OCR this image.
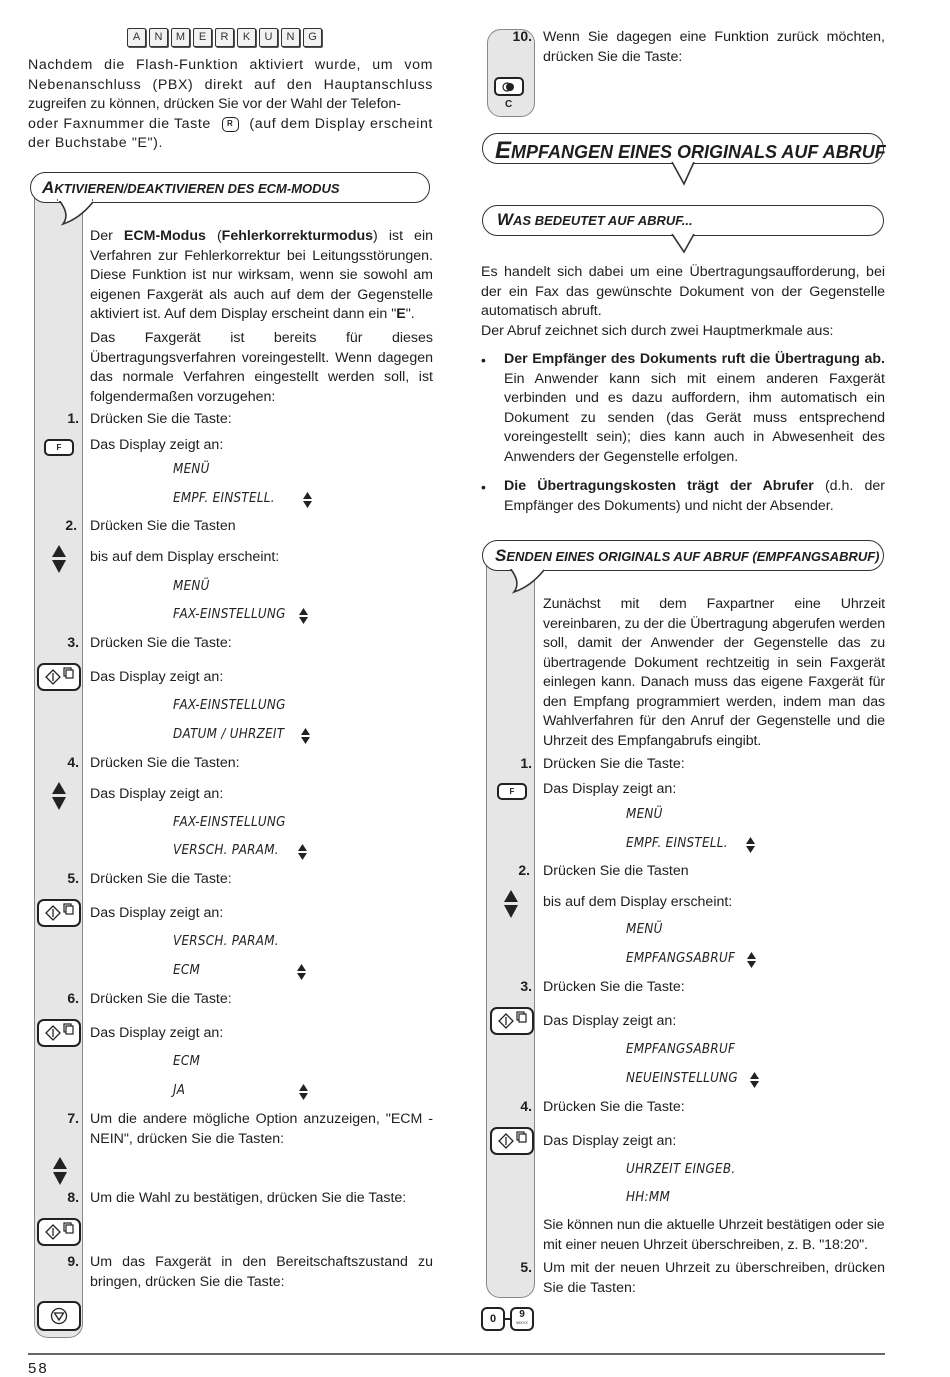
A	N	M	E	R	K	U	N	G
Nachdem die Flash-Funktion aktiviert wurde, um vom
Nebenanschluss (PBX) direkt auf den Hauptanschluss
zugreifen zu können, drücken Sie vor der Wahl der Telefon-
oder Faxnummer die Taste	R	(auf dem Display erscheint
der Buchstabe "E").
AKTIVIEREN/DEAKTIVIEREN DES ECM-MODUS
Der ECM-Modus (Fehlerkorrekturmodus) ist ein Verfahren zur Fehlerkorrektur bei Leitungsstörungen. Diese Funktion ist nur wirksam, wenn sie sowohl am eigenen Faxgerät als auch auf dem der Gegenstelle aktiviert ist. Auf dem Display erscheint dann ein "E".
Das Faxgerät ist bereits für dieses Übertragungsverfahren voreingestellt. Wenn dagegen das normale Verfahren eingestellt werden soll, ist folgendermaßen vorzugehen:
1. Drücken Sie die Taste:
F	Das Display zeigt an:
MENÜ
EMPF. EINSTELL.
2. Drücken Sie die Tasten
bis auf dem Display erscheint:
MENÜ
FAX-EINSTELLUNG
3. Drücken Sie die Taste:
Das Display zeigt an:
FAX-EINSTELLUNG
DATUM / UHRZEIT
4. Drücken Sie die Tasten:
Das Display zeigt an:
FAX-EINSTELLUNG
VERSCH. PARAM.
5. Drücken Sie die Taste:
Das Display zeigt an:
VERSCH. PARAM.
ECM
6. Drücken Sie die Taste:
Das Display zeigt an:
ECM
JA
7. Um die andere mögliche Option anzuzeigen, "ECM - NEIN", drücken Sie die Tasten:
8. Um die Wahl zu bestätigen, drücken Sie die Taste:
9. Um das Faxgerät in den Bereitschaftszustand zu bringen, drücken Sie die Taste:
58
10. Wenn Sie dagegen eine Funktion zurück möchten, drücken Sie die Taste:
C
EMPFANGEN EINES ORIGINALS AUF ABRUF
WAS BEDEUTET AUF ABRUF...
Es handelt sich dabei um eine Übertragungsaufforderung, bei der ein Fax das gewünschte Dokument von der Gegenstelle automatisch abruft.
Der Abruf zeichnet sich durch zwei Hauptmerkmale aus:
• Der Empfänger des Dokuments ruft die Übertragung ab. Ein Anwender kann sich mit einem anderen Faxgerät verbinden und es dazu auffordern, ihm automatisch ein Dokument zu senden (das Gerät muss entsprechend voreingestellt sein); dies kann auch in Abwesenheit des Anwenders der Gegenstelle erfolgen.
• Die Übertragungskosten trägt der Abrufer (d.h. der Empfänger des Dokuments) und nicht der Absender.
SENDEN EINES ORIGINALS AUF ABRUF (EMPFANGSABRUF)
Zunächst mit dem Faxpartner eine Uhrzeit vereinbaren, zu der die Übertragung abgerufen werden soll, damit der Anwender der Gegenstelle das zu übertragende Dokument rechtzeitig in sein Faxgerät einlegen kann. Danach muss das eigene Faxgerät für den Empfang programmiert werden, indem man das Wahlverfahren für den Anruf der Gegenstelle und die Uhrzeit des Empfangabrufs eingibt.
1. Drücken Sie die Taste:
F	Das Display zeigt an:
MENÜ
EMPF. EINSTELL.
2. Drücken Sie die Tasten
bis auf dem Display erscheint:
MENÜ
EMPFANGSABRUF
3. Drücken Sie die Taste:
Das Display zeigt an:
EMPFANGSABRUF
NEUEINSTELLUNG
4. Drücken Sie die Taste:
Das Display zeigt an:
UHRZEIT EINGEB.
HH:MM
Sie können nun die aktuelle Uhrzeit bestätigen oder sie mit einer neuen Uhrzeit überschreiben, z. B. "18:20".
5. Um mit der neuen Uhrzeit zu überschreiben, drücken Sie die Tasten:
0	9
WXYZ
